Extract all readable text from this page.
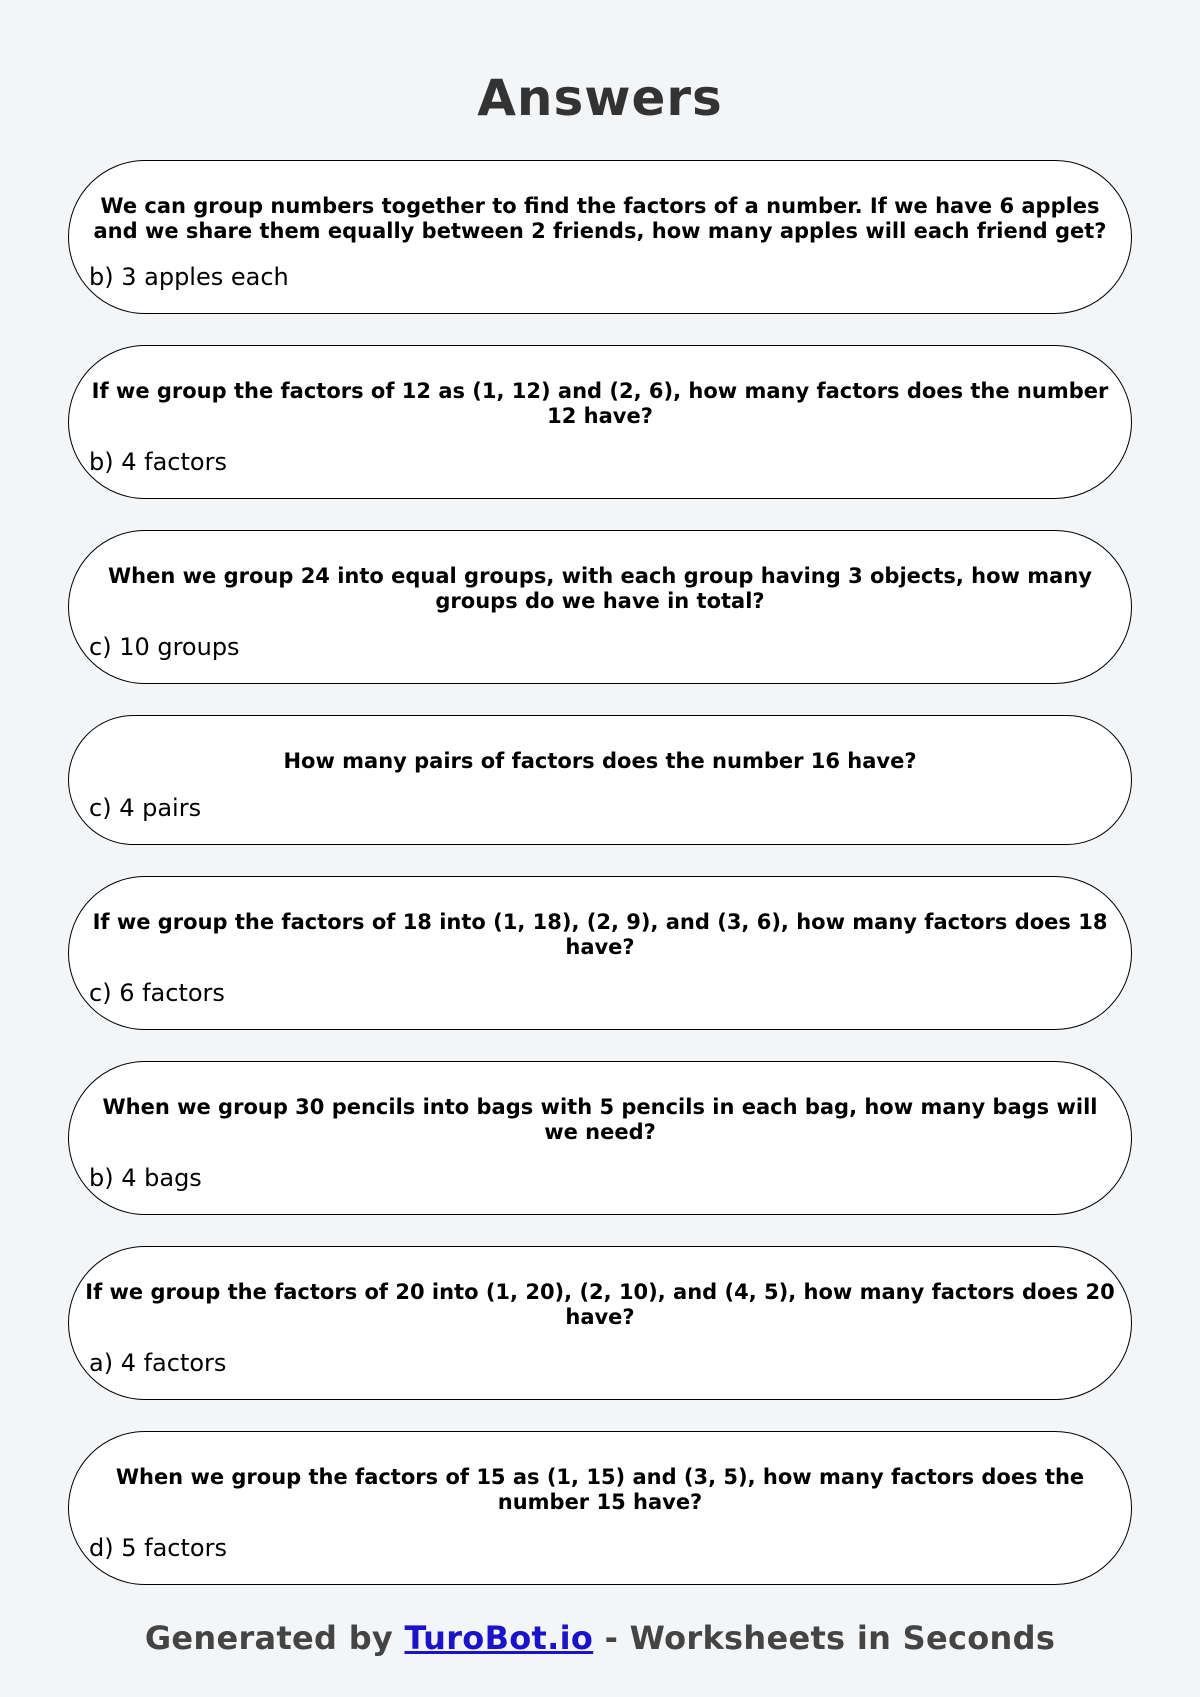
Answers
We can group numbers together to find the factors of a number. If we have 6 apples and we share them equally between 2 friends, how many apples will each friend get?
b) 3 apples each
If we group the factors of 12 as (1, 12) and (2, 6), how many factors does the number 12 have?
b) 4 factors
When we group 24 into equal groups, with each group having 3 objects, how many groups do we have in total?
c) 10 groups
How many pairs of factors does the number 16 have?
c) 4 pairs
If we group the factors of 18 into (1, 18), (2, 9), and (3, 6), how many factors does 18 have?
c) 6 factors
When we group 30 pencils into bags with 5 pencils in each bag, how many bags will we need?
b) 4 bags
If we group the factors of 20 into (1, 20), (2, 10), and (4, 5), how many factors does 20 have?
a) 4 factors
When we group the factors of 15 as (1, 15) and (3, 5), how many factors does the number 15 have?
d) 5 factors
Generated by TuroBot.io - Worksheets in Seconds
